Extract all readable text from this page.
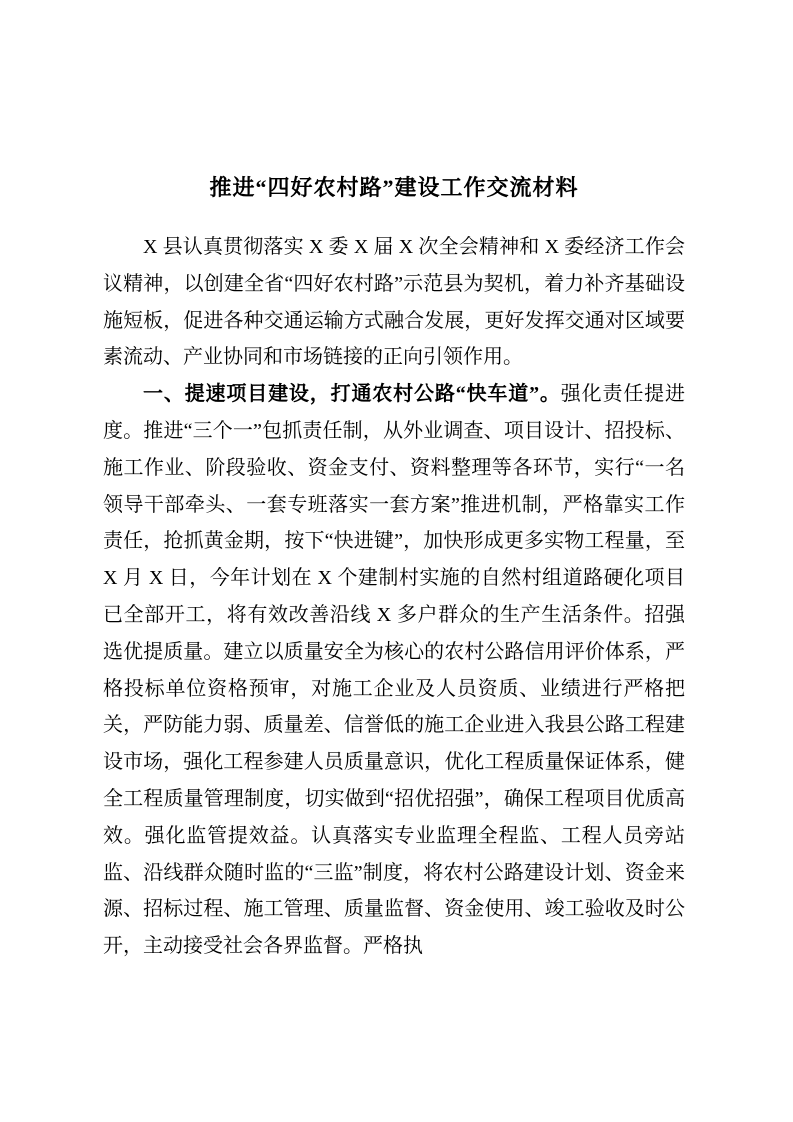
推进“四好农村路”建设工作交流材料

X 县认真贯彻落实 X 委 X 届 X 次全会精神和 X 委经济工作会议精神，以创建全省“四好农村路”示范县为契机，着力补齐基础设施短板，促进各种交通运输方式融合发展，更好发挥交通对区域要素流动、产业协同和市场链接的正向引领作用。

一、提速项目建设，打通农村公路“快车道”。强化责任提进度。推进“三个一”包抓责任制，从外业调查、项目设计、招投标、施工作业、阶段验收、资金支付、资料整理等各环节，实行“一名领导干部牵头、一套专班落实一套方案”推进机制，严格靠实工作责任，抢抓黄金期，按下“快进键”，加快形成更多实物工程量，至 X 月 X 日，今年计划在 X 个建制村实施的自然村组道路硬化项目已全部开工，将有效改善沿线 X 多户群众的生产生活条件。招强选优提质量。建立以质量安全为核心的农村公路信用评价体系，严格投标单位资格预审，对施工企业及人员资质、业绩进行严格把关，严防能力弱、质量差、信誉低的施工企业进入我县公路工程建设市场，强化工程参建人员质量意识，优化工程质量保证体系，健全工程质量管理制度，切实做到“招优招强”，确保工程项目优质高效。强化监管提效益。认真落实专业监理全程监、工程人员旁站监、沿线群众随时监的“三监”制度，将农村公路建设计划、资金来源、招标过程、施工管理、质量监督、资金使用、竣工验收及时公开，主动接受社会各界监督。严格执
